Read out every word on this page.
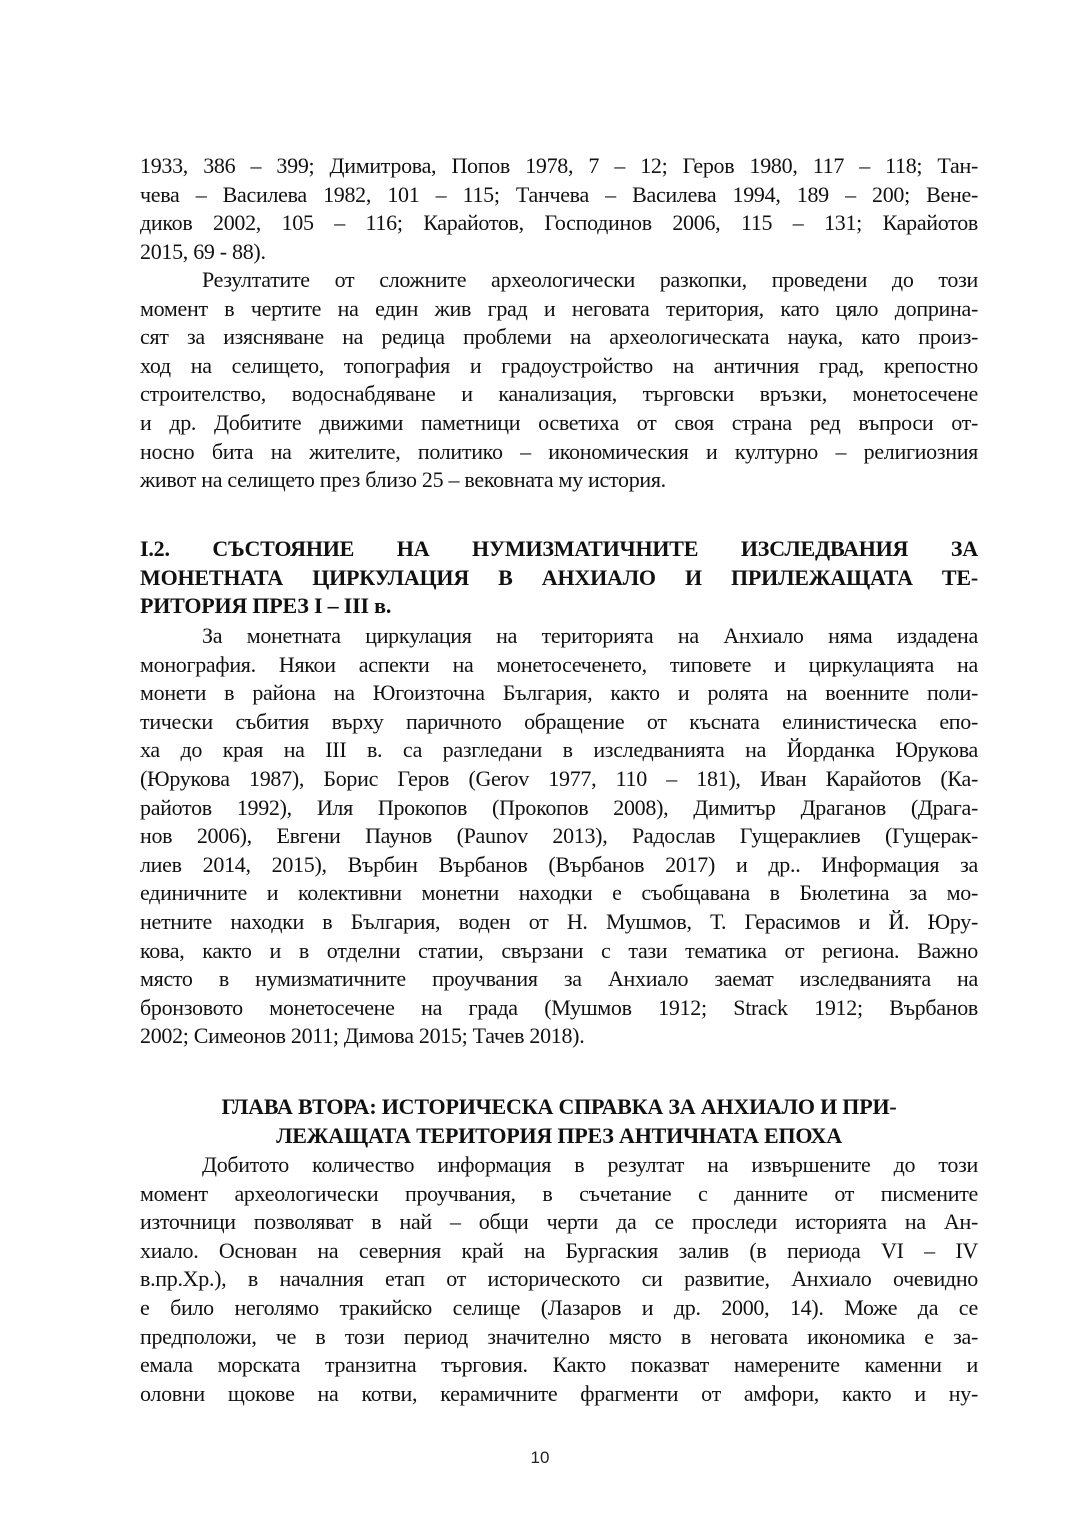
1933, 386 – 399; Димитрова, Попов 1978, 7 – 12; Геров 1980, 117 – 118; Тан-
чева – Василева 1982, 101 – 115; Танчева – Василева 1994, 189 – 200; Вене-
диков 2002, 105 – 116; Карайотов, Господинов 2006, 115 – 131; Карайотов
2015, 69 - 88).
Резултатите от сложните археологически разкопки, проведени до този
момент в чертите на един жив град и неговата територия, като цяло доприна-
сят за изясняване на редица проблеми на археологическата наука, като произ-
ход на селището, топография и градоустройство на античния град, крепостно
строителство, водоснабдяване и канализация, търговски връзки, монетосечене
и др. Добитите движими паметници осветиха от своя страна ред въпроси от-
носно бита на жителите, политико – икономическия и културно – религиозния
живот на селището през близо 25 – вековната му история.
I.2. СЪСТОЯНИЕ НА НУМИЗМАТИЧНИТЕ ИЗСЛЕДВАНИЯ ЗА
МОНЕТНАТА ЦИРКУЛАЦИЯ В АНХИАЛО И ПРИЛЕЖАЩАТА ТЕ-
РИТОРИЯ ПРЕЗ I – III в.
За монетната циркулация на територията на Анхиало няма издадена
монография. Някои аспекти на монетосеченето, типовете и циркулацията на
монети в района на Югоизточна България, както и ролята на военните поли-
тически събития върху паричното обращение от късната елинистическа епо-
ха до края на III в. са разгледани в изследванията на Йорданка Юрукова
(Юрукова 1987), Борис Геров (Gerov 1977, 110 – 181), Иван Карайотов (Ка-
райотов 1992), Иля Прокопов (Прокопов 2008), Димитър Драганов (Драга-
нов 2006), Евгени Паунов (Paunov 2013), Радослав Гущераклиев (Гущерак-
лиев 2014, 2015), Върбин Върбанов (Върбанов 2017) и др.. Информация за
единичните и колективни монетни находки е съобщавана в Бюлетина за мо-
нетните находки в България, воден от Н. Мушмов, Т. Герасимов и Й. Юру-
кова, както и в отделни статии, свързани с тази тематика от региона. Важно
място в нумизматичните проучвания за Анхиало заемат изследванията на
бронзовото монетосечене на града (Мушмов 1912; Strack 1912; Върбанов
2002; Симеонов 2011; Димова 2015; Тачев 2018).
ГЛАВА ВТОРА: ИСТОРИЧЕСКА СПРАВКА ЗА АНХИАЛО И ПРИ-
ЛЕЖАЩАТА ТЕРИТОРИЯ ПРЕЗ АНТИЧНАТА ЕПОХА
Добитото количество информация в резултат на извършените до този
момент археологически проучвания, в съчетание с данните от писмените
източници позволяват в най – общи черти да се проследи историята на Ан-
хиало. Основан на северния край на Бургаския залив (в периода VI – IV
в.пр.Хр.), в началния етап от историческото си развитие, Анхиало очевидно
е било неголямо тракийско селище (Лазаров и др. 2000, 14). Може да се
предположи, че в този период значително място в неговата икономика е за-
емала морската транзитна търговия. Както показват намерените каменни и
оловни щокове на котви, керамичните фрагменти от амфори, както и ну-
10
